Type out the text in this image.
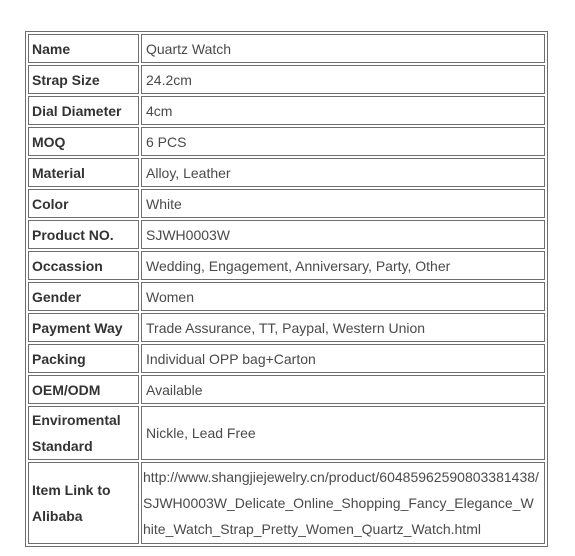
Name	Quartz Watch
Strap Size	24.2cm
Dial Diameter	4cm
MOQ	6 PCS
Material	Alloy, Leather
Color	White
Product NO.	SJWH0003W
Occassion	Wedding, Engagement, Anniversary, Party, Other
Gender	Women
Payment Way	Trade Assurance, TT, Paypal, Western Union
Packing	Individual OPP bag+Carton
OEM/ODM	Available
Enviromental Standard	Nickle, Lead Free
Item Link to Alibaba	http://www.shangjiejewelry.cn/product/60485962590803381438/SJWH0003W_Delicate_Online_Shopping_Fancy_Elegance_White_Watch_Strap_Pretty_Women_Quartz_Watch.html
